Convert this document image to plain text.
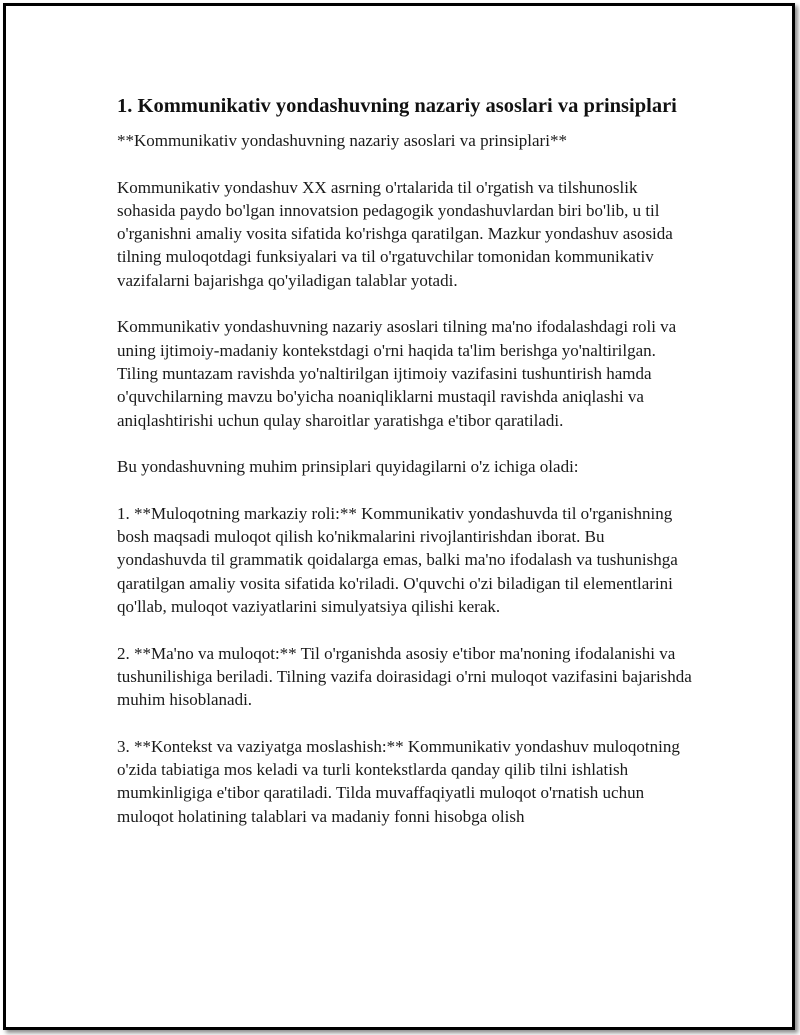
1. Kommunikativ yondashuvning nazariy asoslari va prinsiplari

**Kommunikativ yondashuvning nazariy asoslari va prinsiplari**

Kommunikativ yondashuv XX asrning o'rtalarida til o'rgatish va tilshunoslik sohasida paydo bo'lgan innovatsion pedagogik yondashuvlardan biri bo'lib, u til o'rganishni amaliy vosita sifatida ko'rishga qaratilgan. Mazkur yondashuv asosida tilning muloqotdagi funksiyalari va til o'rgatuvchilar tomonidan kommunikativ vazifalarni bajarishga qo'yiladigan talablar yotadi.

Kommunikativ yondashuvning nazariy asoslari tilning ma'no ifodalashdagi roli va uning ijtimoiy-madaniy kontekstdagi o'rni haqida ta'lim berishga yo'naltirilgan. Tiling muntazam ravishda yo'naltirilgan ijtimoiy vazifasini tushuntirish hamda o'quvchilarning mavzu bo'yicha noaniqliklarni mustaqil ravishda aniqlashi va aniqlashtirishi uchun qulay sharoitlar yaratishga e'tibor qaratiladi.

Bu yondashuvning muhim prinsiplari quyidagilarni o'z ichiga oladi:

1. **Muloqotning markaziy roli:** Kommunikativ yondashuvda til o'rganishning bosh maqsadi muloqot qilish ko'nikmalarini rivojlantirishdan iborat. Bu yondashuvda til grammatik qoidalarga emas, balki ma'no ifodalash va tushunishga qaratilgan amaliy vosita sifatida ko'riladi. O'quvchi o'zi biladigan til elementlarini qo'llab, muloqot vaziyatlarini simulyatsiya qilishi kerak.

2. **Ma'no va muloqot:** Til o'rganishda asosiy e'tibor ma'noning ifodalanishi va tushunilishiga beriladi. Tilning vazifa doirasidagi o'rni muloqot vazifasini bajarishda muhim hisoblanadi.

3. **Kontekst va vaziyatga moslashish:** Kommunikativ yondashuv muloqotning o'zida tabiatiga mos keladi va turli kontekstlarda qanday qilib tilni ishlatish mumkinligiga e'tibor qaratiladi. Tilda muvaffaqiyatli muloqot o'rnatish uchun muloqot holatining talablari va madaniy fonni hisobga olish
